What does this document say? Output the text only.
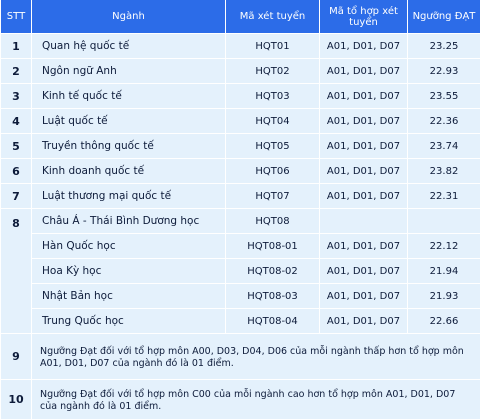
STT	Ngành	Mã xét tuyển	Mã tổ hợp xét tuyển	Ngưỡng ĐẠT
1	Quan hệ quốc tế	HQT01	A01, D01, D07	23.25
2	Ngôn ngữ Anh	HQT02	A01, D01, D07	22.93
3	Kinh tế quốc tế	HQT03	A01, D01, D07	23.55
4	Luật quốc tế	HQT04	A01, D01, D07	22.36
5	Truyền thông quốc tế	HQT05	A01, D01, D07	23.74
6	Kinh doanh quốc tế	HQT06	A01, D01, D07	23.82
7	Luật thương mại quốc tế	HQT07	A01, D01, D07	22.31
8	Châu Á - Thái Bình Dương học	HQT08		
	Hàn Quốc học	HQT08-01	A01, D01, D07	22.12
	Hoa Kỳ học	HQT08-02	A01, D01, D07	21.94
	Nhật Bản học	HQT08-03	A01, D01, D07	21.93
	Trung Quốc học	HQT08-04	A01, D01, D07	22.66
9	Ngưỡng Đạt đối với tổ hợp môn A00, D03, D04, D06 của mỗi ngành thấp hơn tổ hợp môn A01, D01, D07 của ngành đó là 01 điểm.			
10	Ngưỡng Đạt đối với tổ hợp môn C00 của mỗi ngành cao hơn tổ hợp môn A01, D01, D07 của ngành đó là 01 điểm.			
